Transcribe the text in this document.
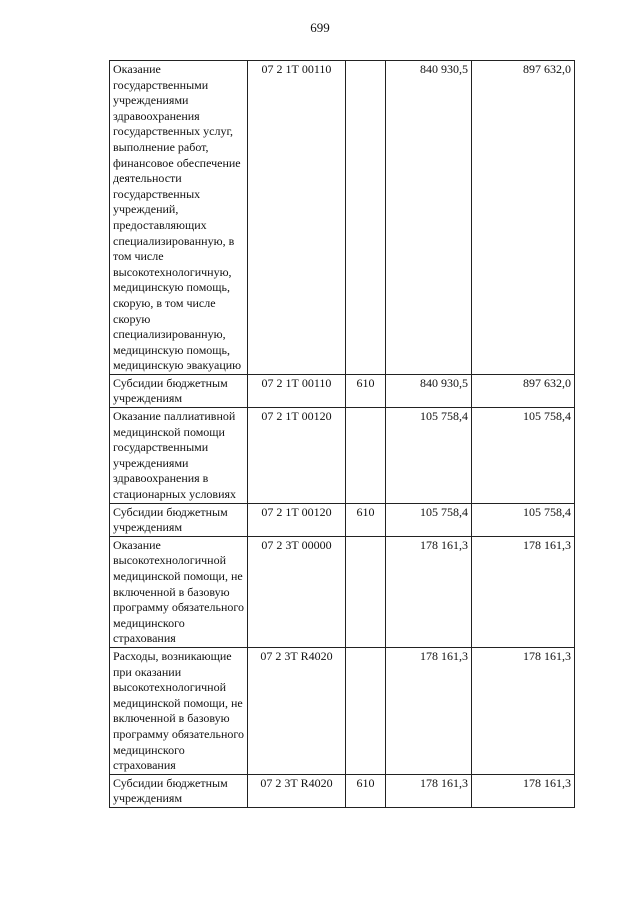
699
Оказание государственными учреждениями здравоохранения государственных услуг, выполнение работ, финансовое обеспечение деятельности государственных учреждений, предоставляющих специализированную, в том числе высокотехнологичную, медицинскую помощь, скорую, в том числе скорую специализированную, медицинскую помощь, медицинскую эвакуацию	07 2 1Т 00110		840 930,5	897 632,0
Субсидии бюджетным учреждениям	07 2 1Т 00110	610	840 930,5	897 632,0
Оказание паллиативной медицинской помощи государственными учреждениями здравоохранения в стационарных условиях	07 2 1Т 00120		105 758,4	105 758,4
Субсидии бюджетным учреждениям	07 2 1Т 00120	610	105 758,4	105 758,4
Оказание высокотехнологичной медицинской помощи, не включенной в базовую программу обязательного медицинского страхования	07 2 3Т 00000		178 161,3	178 161,3
Расходы, возникающие при оказании высокотехнологичной медицинской помощи, не включенной в базовую программу обязательного медицинского страхования	07 2 3Т R4020		178 161,3	178 161,3
Субсидии бюджетным учреждениям	07 2 3Т R4020	610	178 161,3	178 161,3
